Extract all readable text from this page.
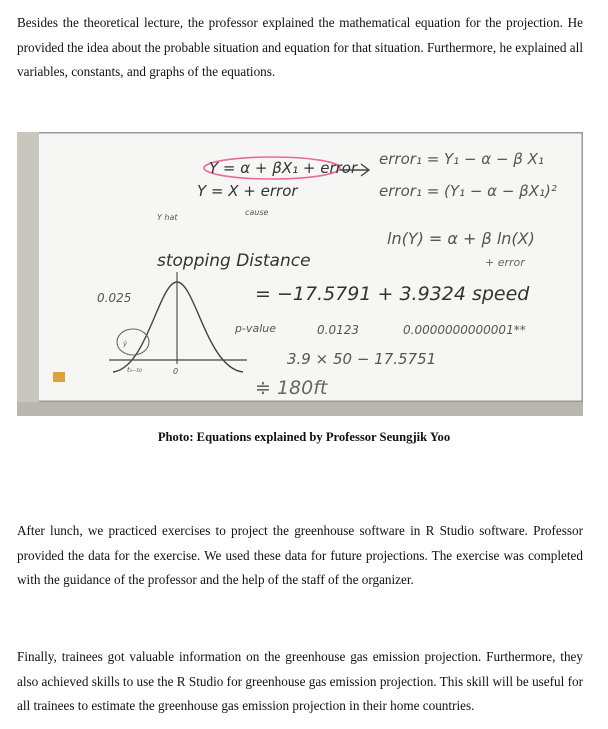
Besides the theoretical lecture, the professor explained the mathematical equation for the projection. He provided the idea about the probable situation and equation for that situation. Furthermore, he explained all variables, constants, and graphs of the equations.

Y = α + βX₁ + error
Y = X + error
Y hat
cause
error₁ = Y₁ − α − β X₁
error₁ = (Y₁ − α − βX₁)²
ln(Y) = α + β ln(X)
+ error
stopping Distance
= −17.5791 + 3.9324 speed
p-value	0.0123	0.0000000000001**
3.9 × 50 − 17.5751
≑ 180ft
0.025
ŷ
tₙ₋₅₀	0

Photo: Equations explained by Professor Seungjik Yoo

After lunch, we practiced exercises to project the greenhouse software in R Studio software. Professor provided the data for the exercise. We used these data for future projections. The exercise was completed with the guidance of the professor and the help of the staff of the organizer.

Finally, trainees got valuable information on the greenhouse gas emission projection. Furthermore, they also achieved skills to use the R Studio for greenhouse gas emission projection. This skill will be useful for all trainees to estimate the greenhouse gas emission projection in their home countries.
